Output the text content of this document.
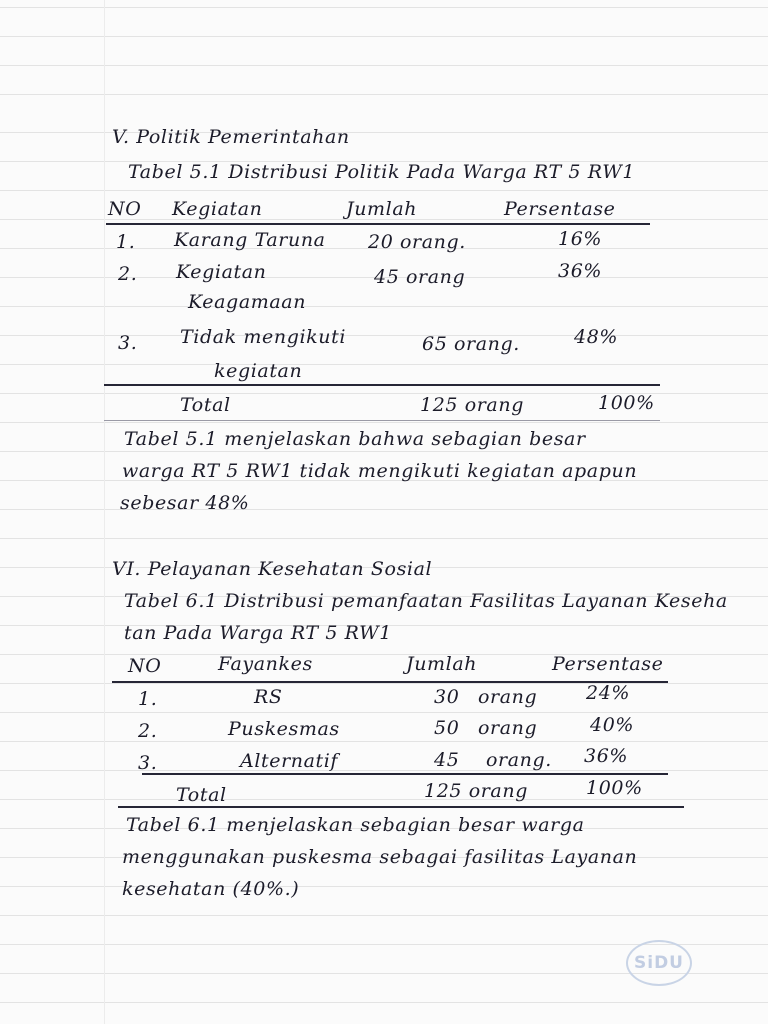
V. Politik Pemerintahan
Tabel 5.1 Distribusi Politik Pada Warga RT 5 RW1
NO Kegiatan	Jumlah	Persentase
1. Karang Taruna 20 orang.	16%
2. Kegiatan
Keagamaan
45 orang	36%
3. Tidak mengikuti
kegiatan
65 orang.	48%
Total	125 orang	100%
Tabel 5.1 menjelaskan bahwa sebagian besar
warga RT 5 RW1 tidak mengikuti kegiatan apapun
sebesar 48%
VI. Pelayanan Kesehatan Sosial
Tabel 6.1 Distribusi pemanfaatan Fasilitas Layanan Keseha
tan Pada Warga RT 5 RW1
NO	Fayankes	Jumlah	Persentase
1.	RS	30 orang	24%
2.	Puskesmas	50 orang	40%
3.	Alternatif	45 orang. 36%
Total	125 orang	100%
Tabel 6.1 menjelaskan sebagian besar warga
menggunakan puskesma sebagai fasilitas Layanan
kesehatan (40%.)
SiDU
